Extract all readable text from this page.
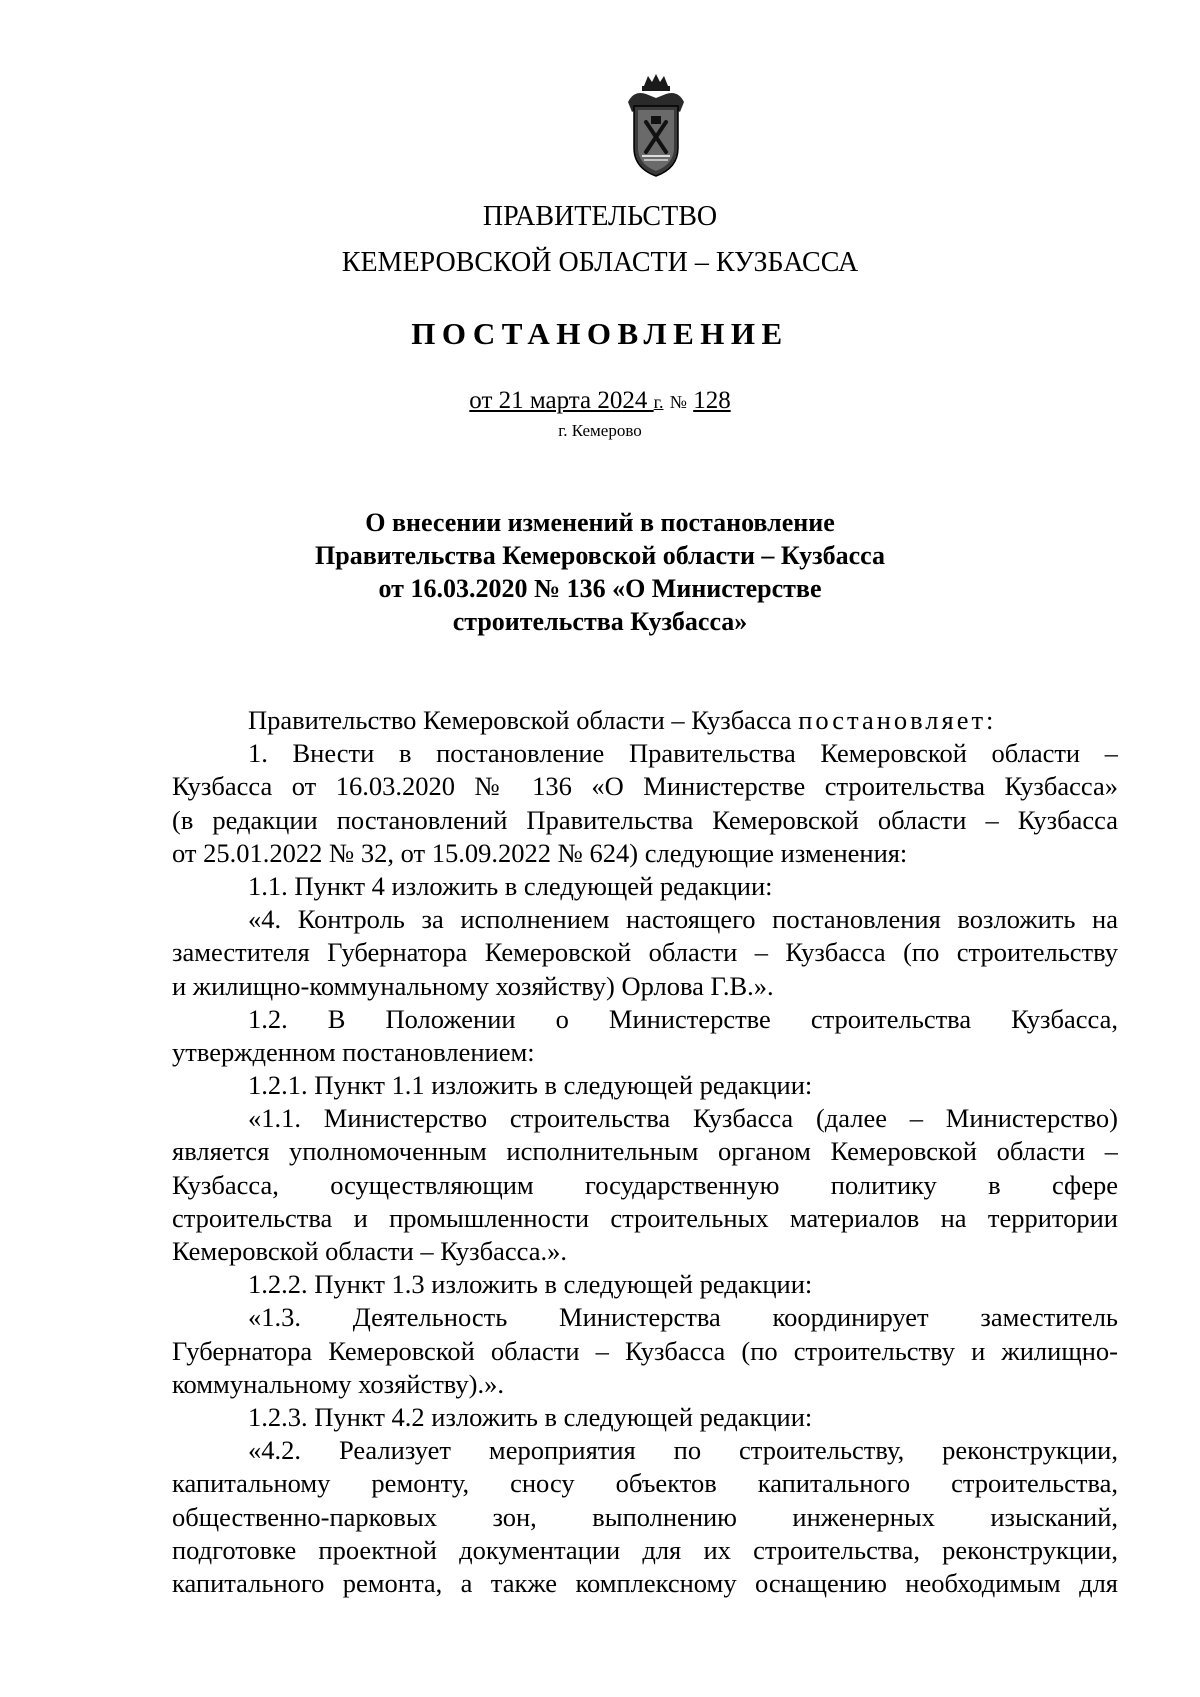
ПРАВИТЕЛЬСТВО
КЕМЕРОВСКОЙ ОБЛАСТИ – КУЗБАССА
ПОСТАНОВЛЕНИЕ
от 21 марта 2024 г. № 128
г. Кемерово
О внесении изменений в постановление
Правительства Кемеровской области – Кузбасса
от 16.03.2020 № 136 «О Министерстве
строительства Кузбасса»
Правительство Кемеровской области – Кузбасса постановляет:
1. Внести в постановление Правительства Кемеровской области –
Кузбасса от 16.03.2020 № 136 «О Министерстве строительства Кузбасса»
(в редакции постановлений Правительства Кемеровской области – Кузбасса
от 25.01.2022 № 32, от 15.09.2022 № 624) следующие изменения:
1.1. Пункт 4 изложить в следующей редакции:
«4. Контроль за исполнением настоящего постановления возложить на
заместителя Губернатора Кемеровской области – Кузбасса (по строительству
и жилищно-коммунальному хозяйству) Орлова Г.В.».
1.2. В Положении о Министерстве строительства Кузбасса,
утвержденном постановлением:
1.2.1. Пункт 1.1 изложить в следующей редакции:
«1.1. Министерство строительства Кузбасса (далее – Министерство)
является уполномоченным исполнительным органом Кемеровской области –
Кузбасса, осуществляющим государственную политику в сфере
строительства и промышленности строительных материалов на территории
Кемеровской области – Кузбасса.».
1.2.2. Пункт 1.3 изложить в следующей редакции:
«1.3. Деятельность Министерства координирует заместитель
Губернатора Кемеровской области – Кузбасса (по строительству и жилищно-
коммунальному хозяйству).».
1.2.3. Пункт 4.2 изложить в следующей редакции:
«4.2. Реализует мероприятия по строительству, реконструкции,
капитальному ремонту, сносу объектов капитального строительства,
общественно-парковых зон, выполнению инженерных изысканий,
подготовке проектной документации для их строительства, реконструкции,
капитального ремонта, а также комплексному оснащению необходимым для
